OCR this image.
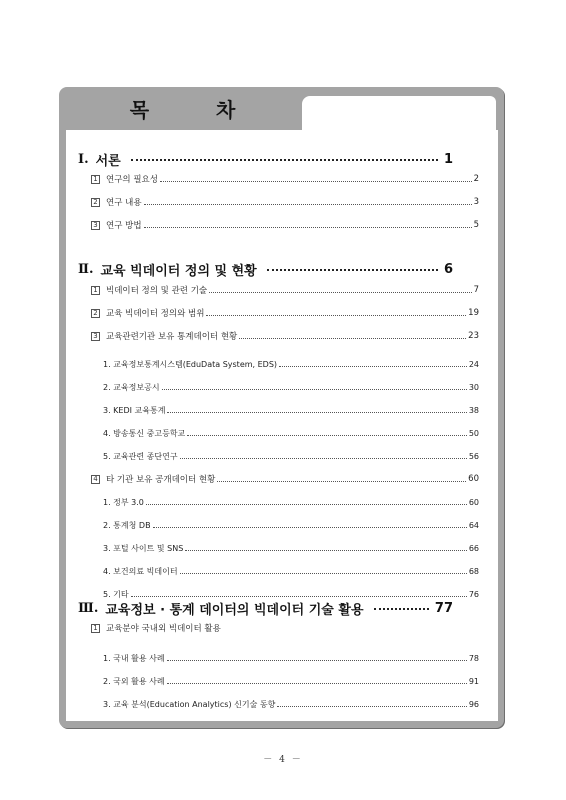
목 차
Ⅰ. 서론	1
1 연구의 필요성	2
2 연구 내용	3
3 연구 방법	5
Ⅱ. 교육 빅데이터 정의 및 현황	6
1 빅데이터 정의 및 관련 기술	7
2 교육 빅데이터 정의와 범위	19
3 교육관련기관 보유 통계데이터 현황	23
1. 교육정보통계시스템(EduData System, EDS)	24
2. 교육정보공시	30
3. KEDI 교육통계	38
4. 방송통신 중고등학교	50
5. 교육관련 종단연구	56
4 타 기관 보유 공개데이터 현황	60
1. 정부 3.0	60
2. 통계청 DB	64
3. 포털 사이트 및 SNS	66
4. 보건의료 빅데이터	68
5. 기타	76
Ⅲ. 교육정보 · 통계 데이터의 빅데이터 기술 활용	77
1 교육분야 국내외 빅데이터 활용
1. 국내 활용 사례	78
2. 국외 활용 사례	91
3. 교육 분석(Education Analytics) 신기술 동향	96
－ 4 －
